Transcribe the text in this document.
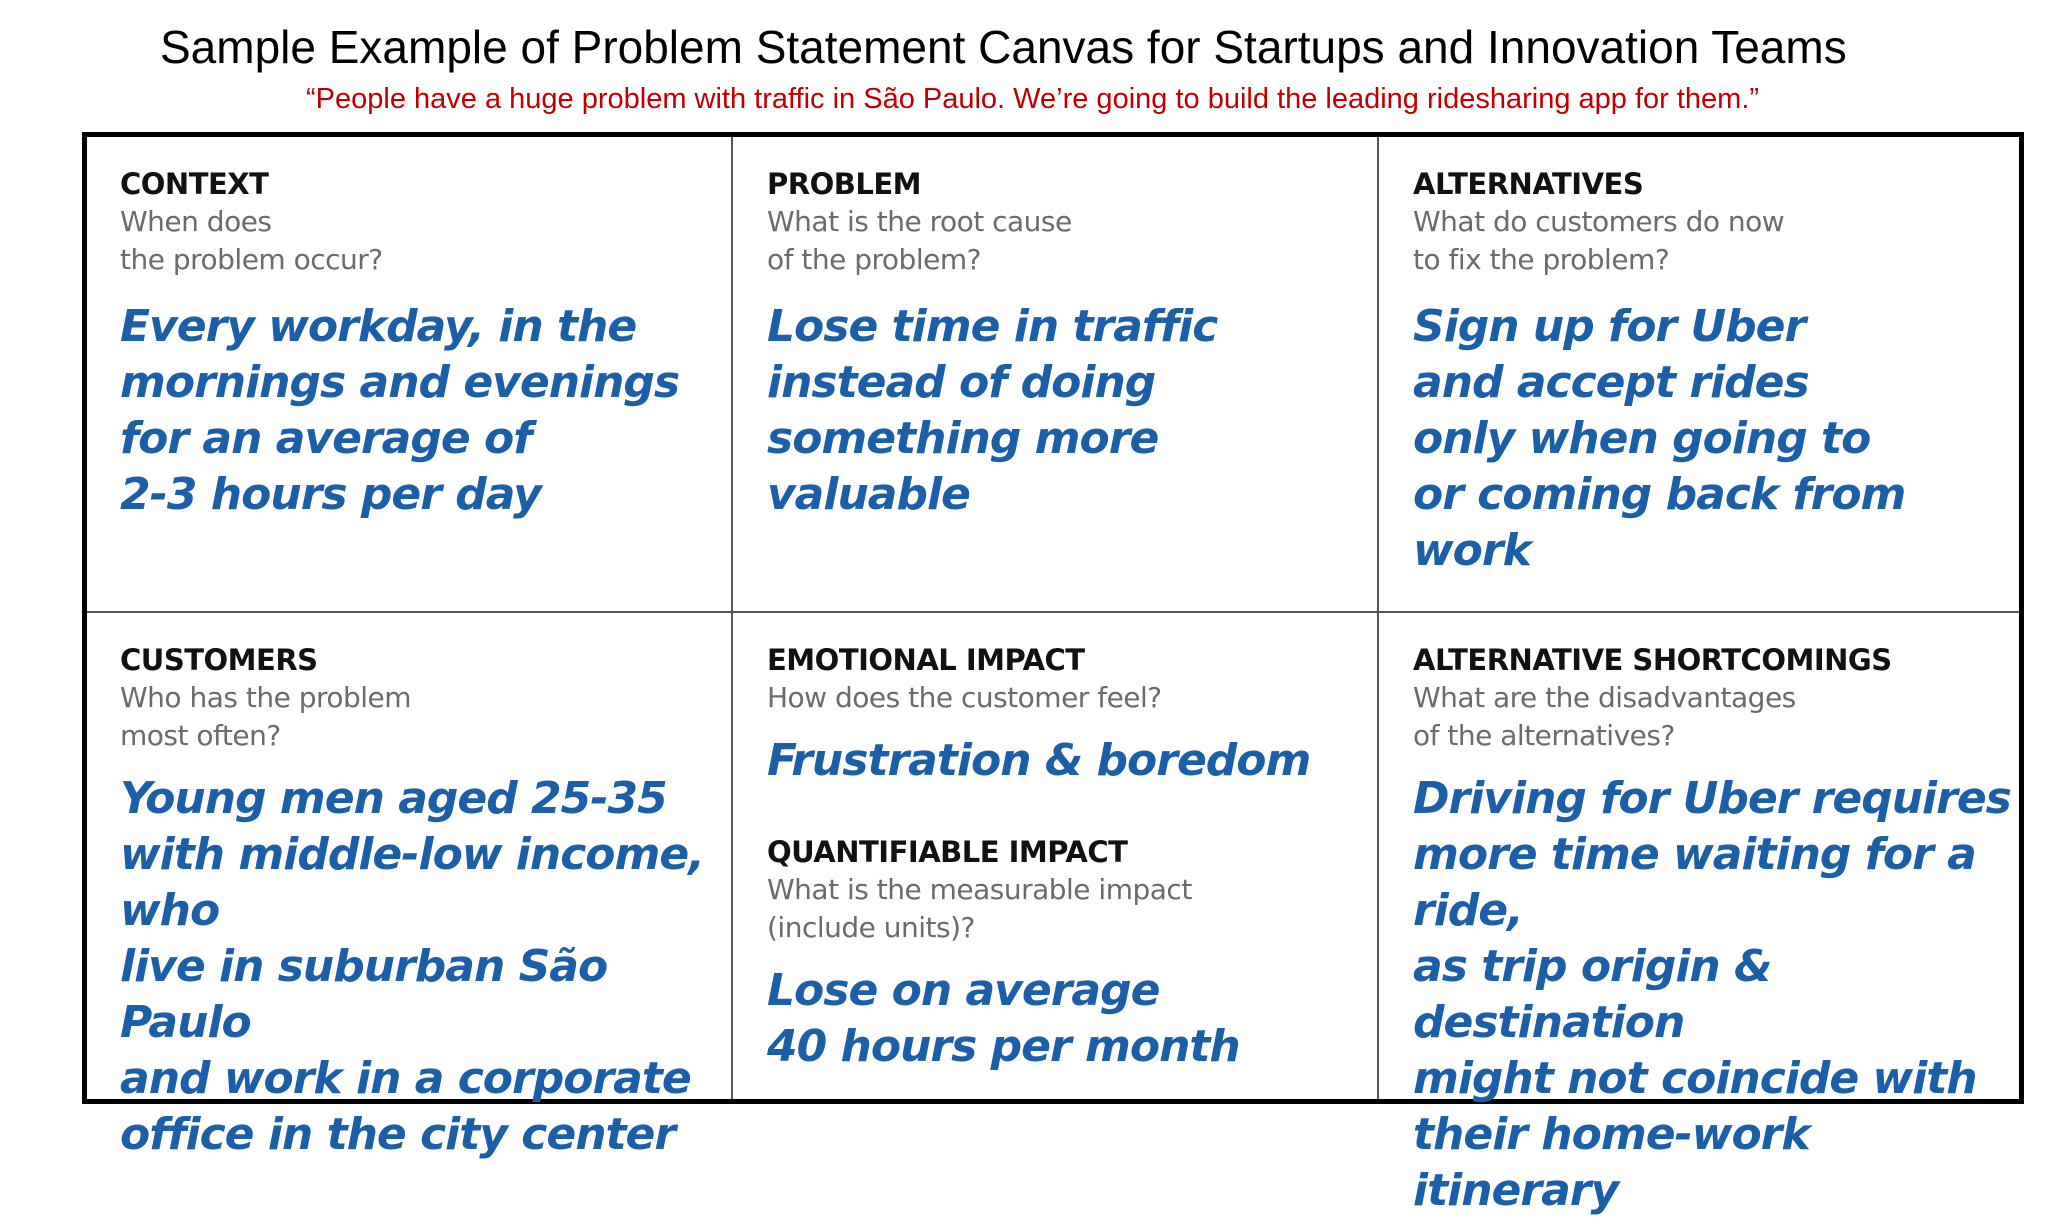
Sample Example of Problem Statement Canvas for Startups and Innovation Teams
“People have a huge problem with traffic in São Paulo. We’re going to build the leading ridesharing app for them.”
CONTEXT
When does
the problem occur?
Every workday, in the
mornings and evenings
for an average of
2-3 hours per day
PROBLEM
What is the root cause
of the problem?
Lose time in traffic
instead of doing
something more valuable
ALTERNATIVES
What do customers do now
to fix the problem?
Sign up for Uber
and accept rides
only when going to
or coming back from work
CUSTOMERS
Who has the problem
most often?
Young men aged 25-35
with middle-low income, who
live in suburban São Paulo
and work in a corporate
office in the city center
EMOTIONAL IMPACT
How does the customer feel?
Frustration & boredom
QUANTIFIABLE IMPACT
What is the measurable impact
(include units)?
Lose on average
40 hours per month
ALTERNATIVE SHORTCOMINGS
What are the disadvantages
of the alternatives?
Driving for Uber requires
more time waiting for a ride,
as trip origin & destination
might not coincide with
their home-work itinerary
